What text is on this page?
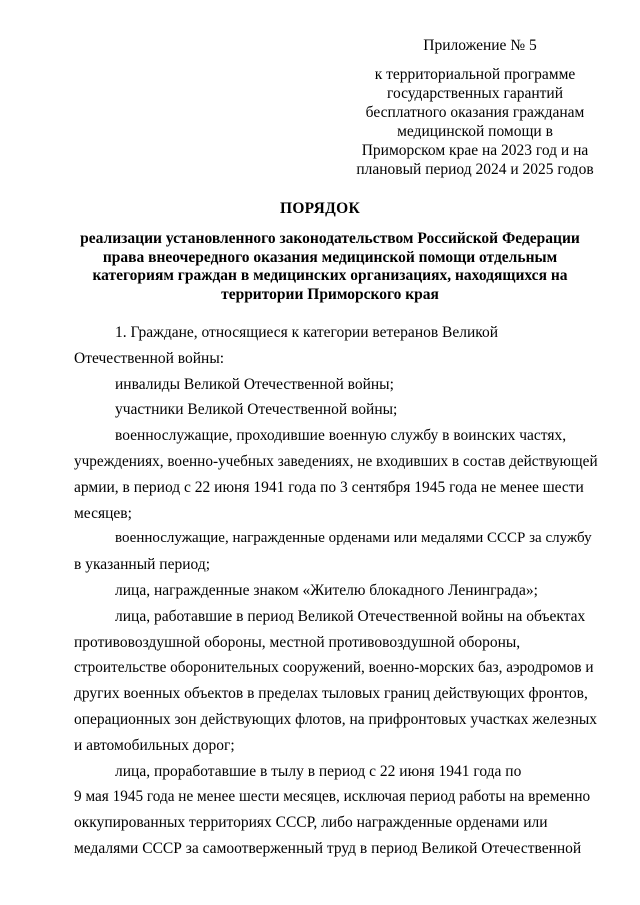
Приложение № 5
к территориальной программе
государственных гарантий
бесплатного оказания гражданам
медицинской помощи в
Приморском крае на 2023 год и на
плановый период 2024 и 2025 годов
ПОРЯДОК
реализации установленного законодательством Российской Федерации
права внеочередного оказания медицинской помощи отдельным
категориям граждан в медицинских организациях, находящихся на
территории Приморского края
1. Граждане, относящиеся к категории ветеранов Великой
Отечественной войны:
инвалиды Великой Отечественной войны;
участники Великой Отечественной войны;
военнослужащие, проходившие военную службу в воинских частях,
учреждениях, военно-учебных заведениях, не входивших в состав действующей
армии, в период с 22 июня 1941 года по 3 сентября 1945 года не менее шести
месяцев;
военнослужащие, награжденные орденами или медалями СССР за службу
в указанный период;
лица, награжденные знаком «Жителю блокадного Ленинграда»;
лица, работавшие в период Великой Отечественной войны на объектах
противовоздушной обороны, местной противовоздушной обороны,
строительстве оборонительных сооружений, военно-морских баз, аэродромов и
других военных объектов в пределах тыловых границ действующих фронтов,
операционных зон действующих флотов, на прифронтовых участках железных
и автомобильных дорог;
лица, проработавшие в тылу в период с 22 июня 1941 года по
9 мая 1945 года не менее шести месяцев, исключая период работы на временно
оккупированных территориях СССР, либо награжденные орденами или
медалями СССР за самоотверженный труд в период Великой Отечественной
